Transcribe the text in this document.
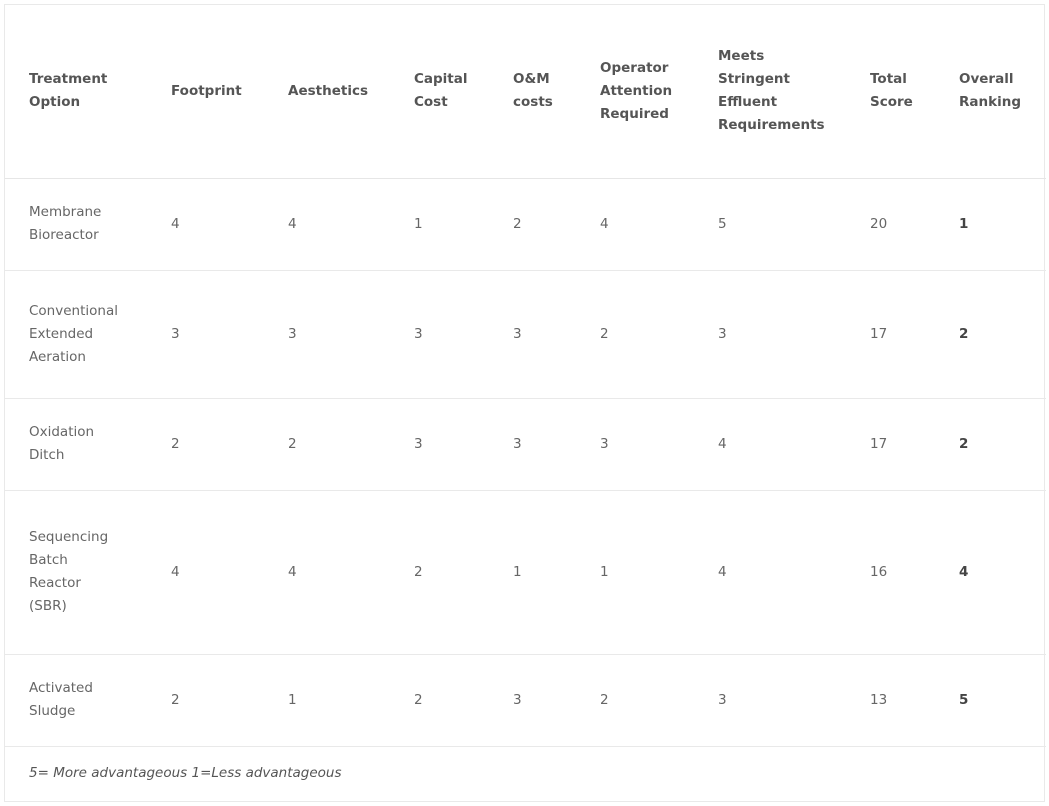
Treatment Option	Footprint	Aesthetics	Capital Cost	O&M costs	Operator Attention Required	Meets Stringent Effluent Requirements	Total Score	Overall Ranking
Membrane Bioreactor	4	4	1	2	4	5	20	1
Conventional Extended Aeration	3	3	3	3	2	3	17	2
Oxidation Ditch	2	2	3	3	3	4	17	2
Sequencing Batch Reactor (SBR)	4	4	2	1	1	4	16	4
Activated Sludge	2	1	2	3	2	3	13	5
5= More advantageous 1=Less advantageous								
